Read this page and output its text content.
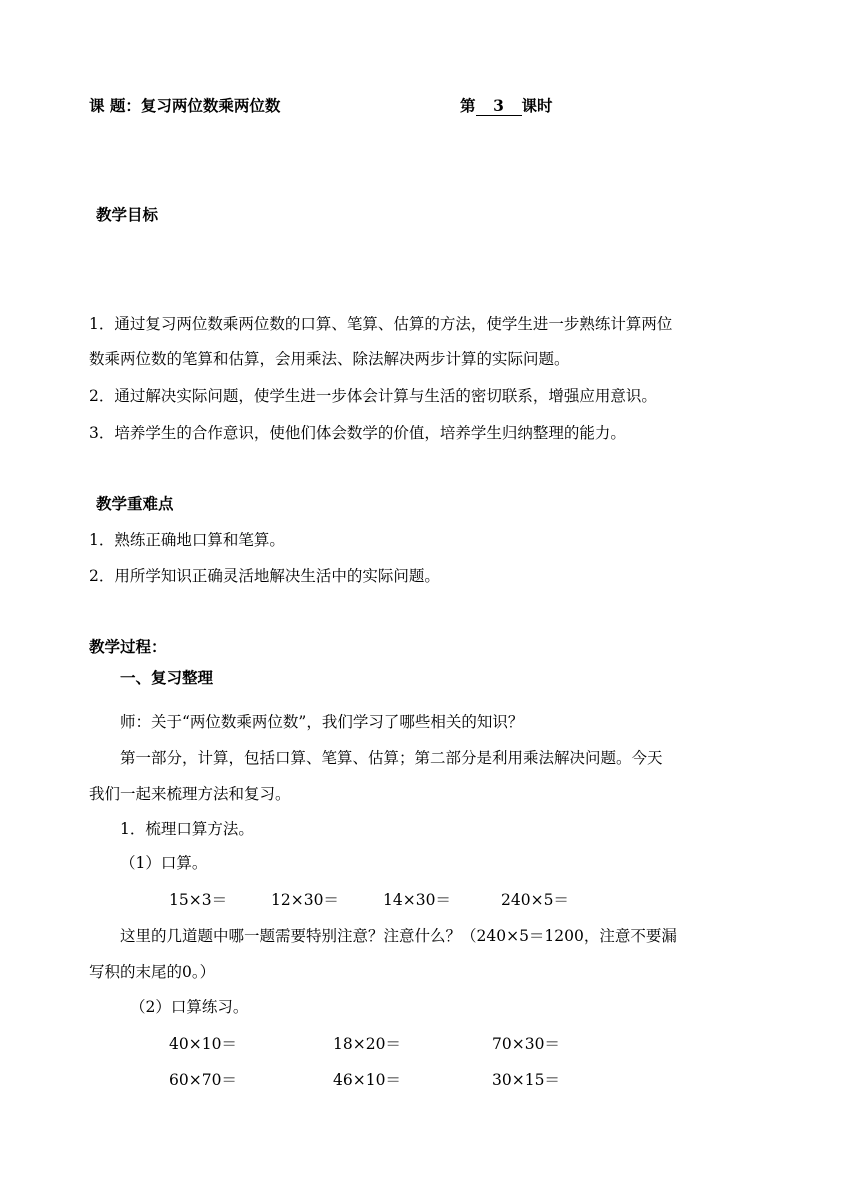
课 题：复习两位数乘两位数	第 3 课时
教学目标
1．通过复习两位数乘两位数的口算、笔算、估算的方法，使学生进一步熟练计算两位
数乘两位数的笔算和估算，会用乘法、除法解决两步计算的实际问题。
2．通过解决实际问题，使学生进一步体会计算与生活的密切联系，增强应用意识。
3．培养学生的合作意识，使他们体会数学的价值，培养学生归纳整理的能力。
教学重难点
1．熟练正确地口算和笔算。
2．用所学知识正确灵活地解决生活中的实际问题。
教学过程：
一、复习整理
师：关于“两位数乘两位数”，我们学习了哪些相关的知识？
第一部分，计算，包括口算、笔算、估算；第二部分是利用乘法解决问题。今天
我们一起来梳理方法和复习。
1．梳理口算方法。
（1）口算。
15×3＝	12×30＝	14×30＝	240×5＝
这里的几道题中哪一题需要特别注意？注意什么？（240×5＝1200，注意不要漏
写积的末尾的0。）
（2）口算练习。
40×10＝	18×20＝	70×30＝
60×70＝	46×10＝	30×15＝
